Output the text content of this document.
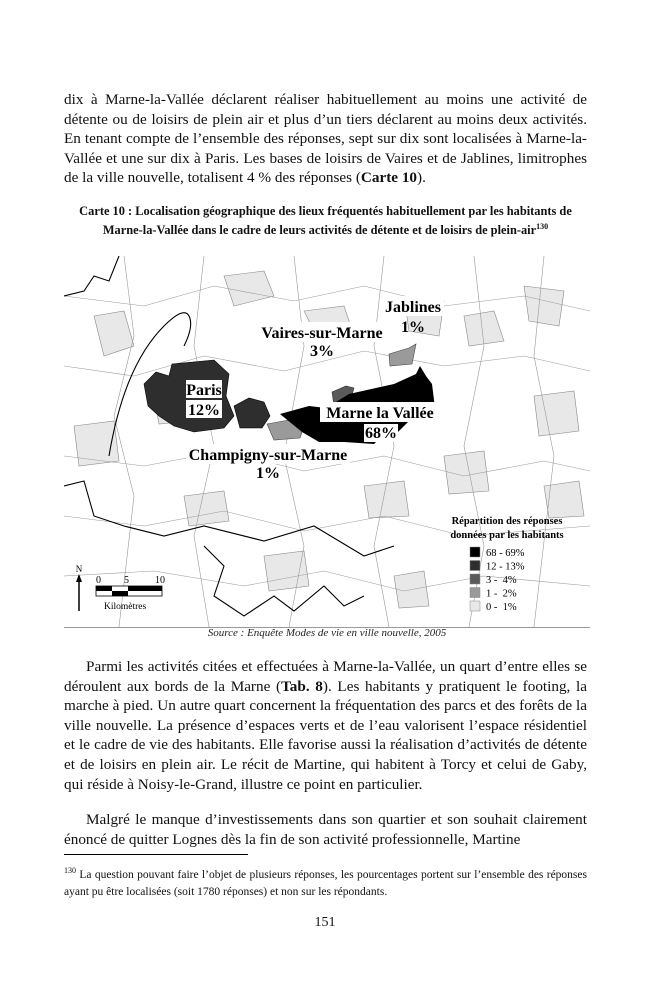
dix à Marne-la-Vallée déclarent réaliser habituellement au moins une activité de détente ou de loisirs de plein air et plus d’un tiers déclarent au moins deux activités. En tenant compte de l’ensemble des réponses, sept sur dix sont localisées à Marne-la-Vallée et une sur dix à Paris. Les bases de loisirs de Vaires et de Jablines, limitrophes de la ville nouvelle, totalisent 4 % des réponses (Carte 10).

Carte 10 : Localisation géographique des lieux fréquentés habituellement par les habitants de Marne-la-Vallée dans le cadre de leurs activités de détente et de loisirs de plein-air$^{130}$
Jablines
1%
Vaires-sur-Marne
3%
Paris
12%	Marne la Vallée
68%
Champigny-sur-Marne
1%
Répartition des réponses
données par les habitants
68 - 69%
12 - 13%
3 -  4%
1 -  2%
0 -  1%
N
0 5	10
Kilomètres
Source : Enquête Modes de vie en ville nouvelle, 2005

Parmi les activités citées et effectuées à Marne-la-Vallée, un quart d’entre elles se déroulent aux bords de la Marne (Tab. 8). Les habitants y pratiquent le footing, la marche à pied. Un autre quart concernent la fréquentation des parcs et des forêts de la ville nouvelle. La présence d’espaces verts et de l’eau valorisent l’espace résidentiel et le cadre de vie des habitants. Elle favorise aussi la réalisation d’activités de détente et de loisirs en plein air. Le récit de Martine, qui habitent à Torcy et celui de Gaby, qui réside à Noisy-le-Grand, illustre ce point en particulier.

Malgré le manque d’investissements dans son quartier et son souhait clairement énoncé de quitter Lognes dès la fin de son activité professionnelle, Martine

$^{130}$ La question pouvant faire l’objet de plusieurs réponses, les pourcentages portent sur l’ensemble des réponses ayant pu être localisées (soit 1780 réponses) et non sur les répondants.
151
